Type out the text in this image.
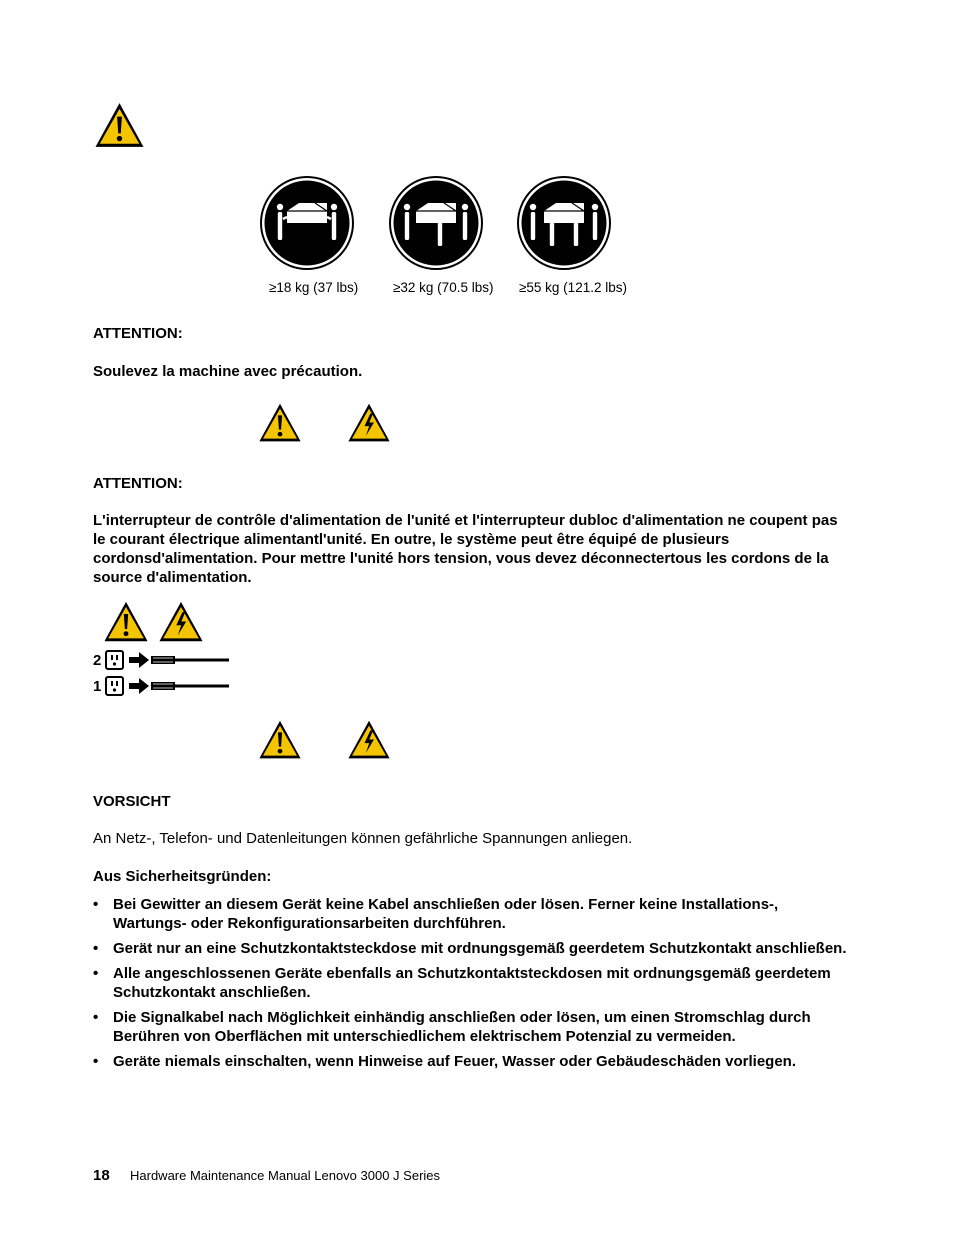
≥18 kg (37 lbs)	≥32 kg (70.5 lbs) ≥55 kg (121.2 lbs)
ATTENTION:
Soulevez la machine avec précaution.
ATTENTION:
L'interrupteur de contrôle d'alimentation de l'unité et l'interrupteur dubloc d'alimentation ne coupent pas le courant électrique alimentantl'unité. En outre, le système peut être équipé de plusieurs cordonsd'alimentation. Pour mettre l'unité hors tension, vous devez déconnectertous les cordons de la source d'alimentation.
2
1
VORSICHT
An Netz-, Telefon- und Datenleitungen können gefährliche Spannungen anliegen.
Aus Sicherheitsgründen:
• Bei Gewitter an diesem Gerät keine Kabel anschließen oder lösen. Ferner keine Installations-, Wartungs- oder Rekonfigurationsarbeiten durchführen.
• Gerät nur an eine Schutzkontaktsteckdose mit ordnungsgemäß geerdetem Schutzkontakt anschließen.
• Alle angeschlossenen Geräte ebenfalls an Schutzkontaktsteckdosen mit ordnungsgemäß geerdetem Schutzkontakt anschließen.
• Die Signalkabel nach Möglichkeit einhändig anschließen oder lösen, um einen Stromschlag durch Berühren von Oberflächen mit unterschiedlichem elektrischem Potenzial zu vermeiden.
• Geräte niemals einschalten, wenn Hinweise auf Feuer, Wasser oder Gebäudeschäden vorliegen.
18 Hardware Maintenance Manual Lenovo 3000 J Series
